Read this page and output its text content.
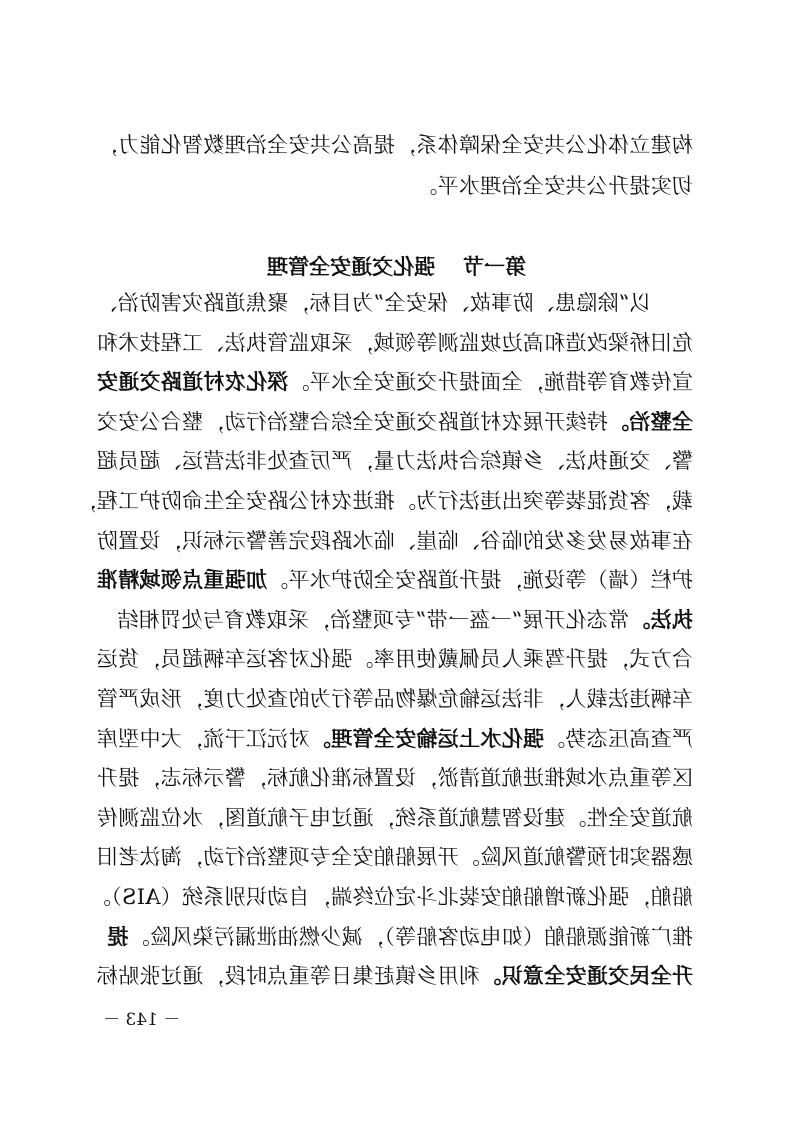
构建立体化公共安全保障体系，提高公共安全治理数智化能力，
切实提升公共安全治理水平。
第一节强化交通安全管理
以“除隐患、防事故、保安全”为目标，聚焦道路灾害防治、
危旧桥梁改造和高边坡监测等领域，采取监管执法、工程技术和
宣传教育等措施，全面提升交通安全水平。深化农村道路交通安
全整治。持续开展农村道路交通安全综合整治行动，整合公安交
警、交通执法、乡镇综合执法力量，严厉查处非法营运、超员超
载，客货混装等突出违法行为。推进农村公路安全生命防护工程，
在事故易发多发的临谷、临崖、临水路段完善警示标识，设置防
护栏（墙）等设施，提升道路安全防护水平。加强重点领域精准
执法。常态化开展“一盔一带”专项整治，采取教育与处罚相结
合方式，提升驾乘人员佩戴使用率。强化对客运车辆超员，货运
车辆违法载人，非法运输危爆物品等行为的查处力度，形成严管
严查高压态势。强化水上运输安全管理。对沅江干流，大中型库
区等重点水域推进航道清淤，设置标准化航标，警示标志，提升
航道安全性。建设智慧航道系统，通过电子航道图，水位监测传
感器实时预警航道风险。开展船舶安全专项整治行动，淘汰老旧
船舶，强化新增船舶安装北斗定位终端，自动识别系统（AIS）。
推广新能源船舶（如电动客船等），减少燃油泄漏污染风险。提
升全民交通安全意识。利用乡镇赶集日等重点时段，通过张贴标
－ 143 －
